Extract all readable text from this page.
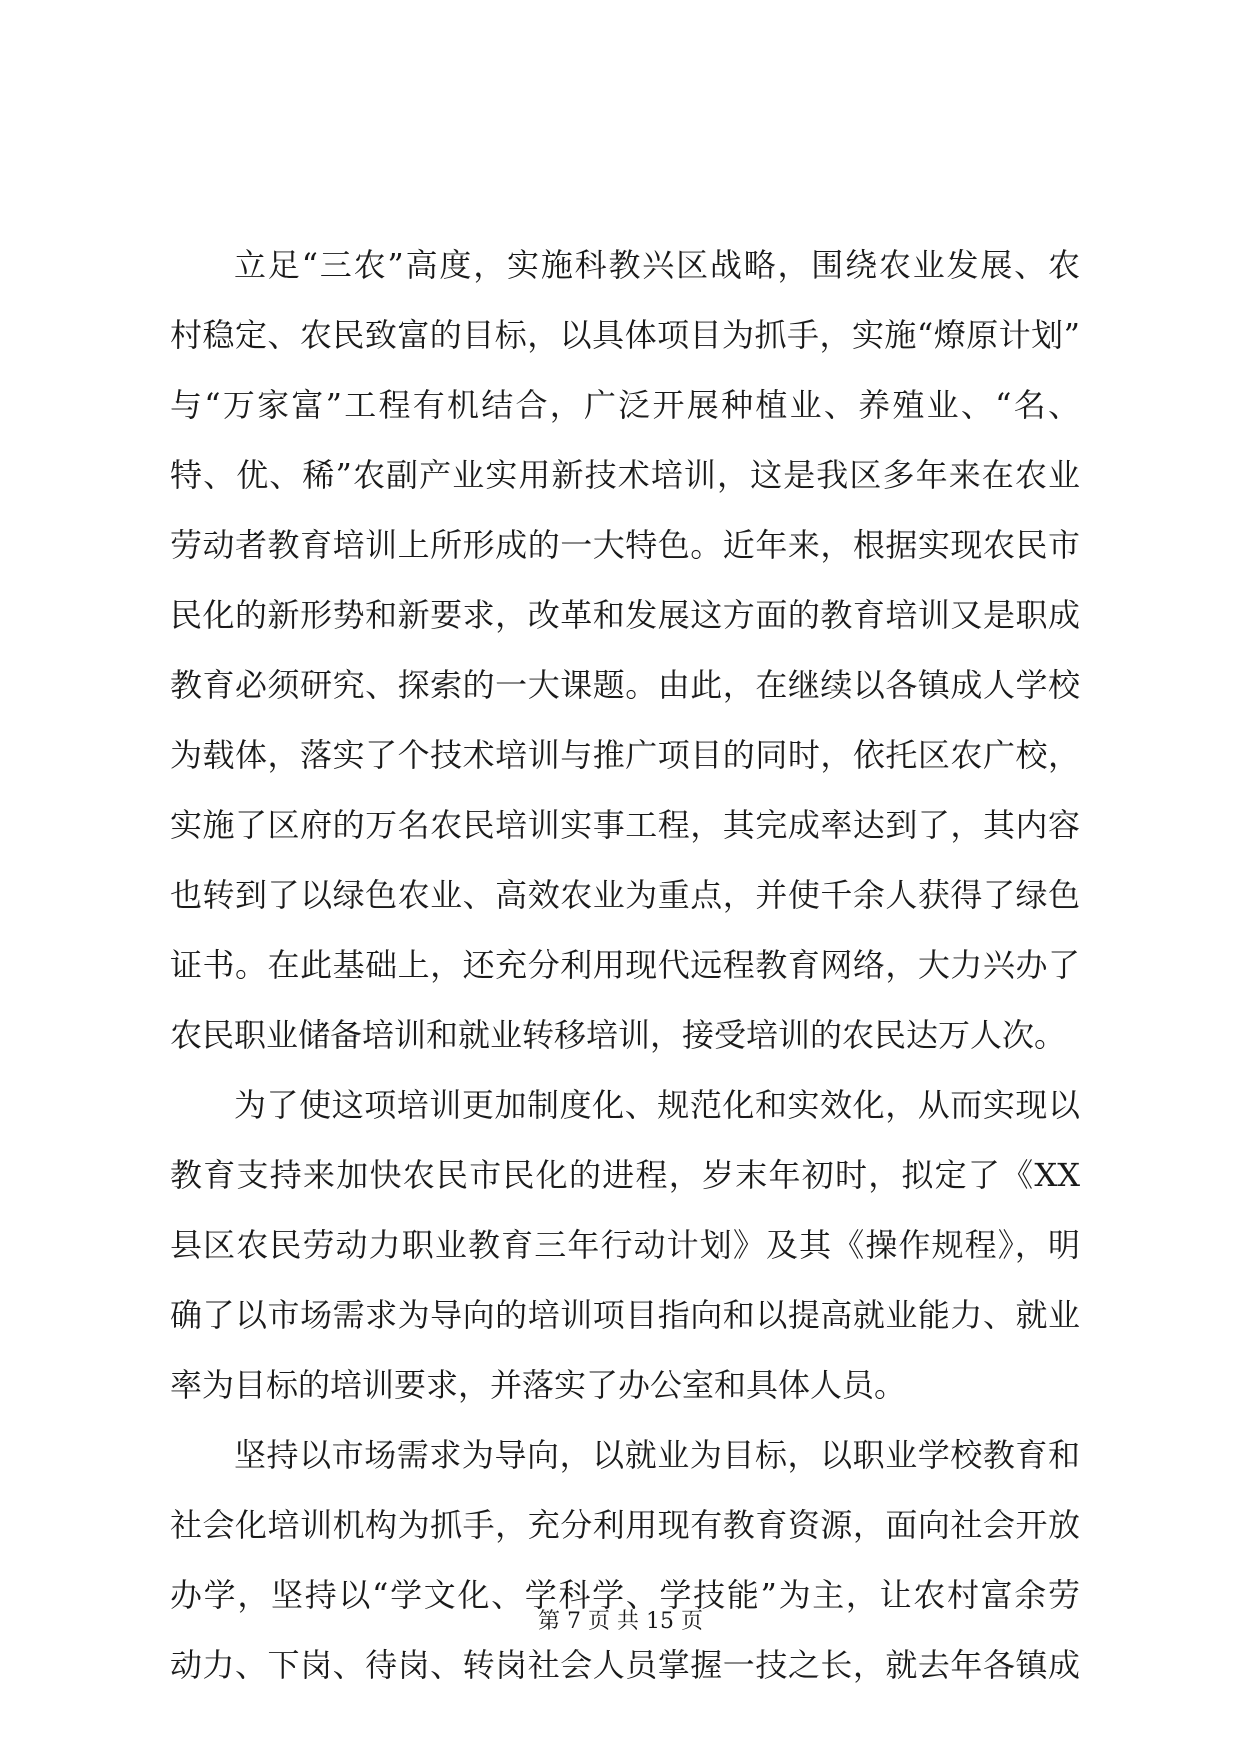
立足“三农”高度，实施科教兴区战略，围绕农业发展、农
村稳定、农民致富的目标，以具体项目为抓手，实施“燎原计划”
与“万家富”工程有机结合，广泛开展种植业、养殖业、“名、
特、优、稀”农副产业实用新技术培训，这是我区多年来在农业
劳动者教育培训上所形成的一大特色。近年来，根据实现农民市
民化的新形势和新要求，改革和发展这方面的教育培训又是职成
教育必须研究、探索的一大课题。由此，在继续以各镇成人学校
为载体，落实了个技术培训与推广项目的同时，依托区农广校，
实施了区府的万名农民培训实事工程，其完成率达到了，其内容
也转到了以绿色农业、高效农业为重点，并使千余人获得了绿色
证书。在此基础上，还充分利用现代远程教育网络，大力兴办了
农民职业储备培训和就业转移培训，接受培训的农民达万人次。
为了使这项培训更加制度化、规范化和实效化，从而实现以
教育支持来加快农民市民化的进程，岁末年初时，拟定了《XX
县区农民劳动力职业教育三年行动计划》及其《操作规程》，明
确了以市场需求为导向的培训项目指向和以提高就业能力、就业
率为目标的培训要求，并落实了办公室和具体人员。
坚持以市场需求为导向，以就业为目标，以职业学校教育和
社会化培训机构为抓手，充分利用现有教育资源，面向社会开放
办学，坚持以“学文化、学科学、学技能”为主，让农村富余劳
动力、下岗、待岗、转岗社会人员掌握一技之长，就去年各镇成
第 7 页 共 15 页
